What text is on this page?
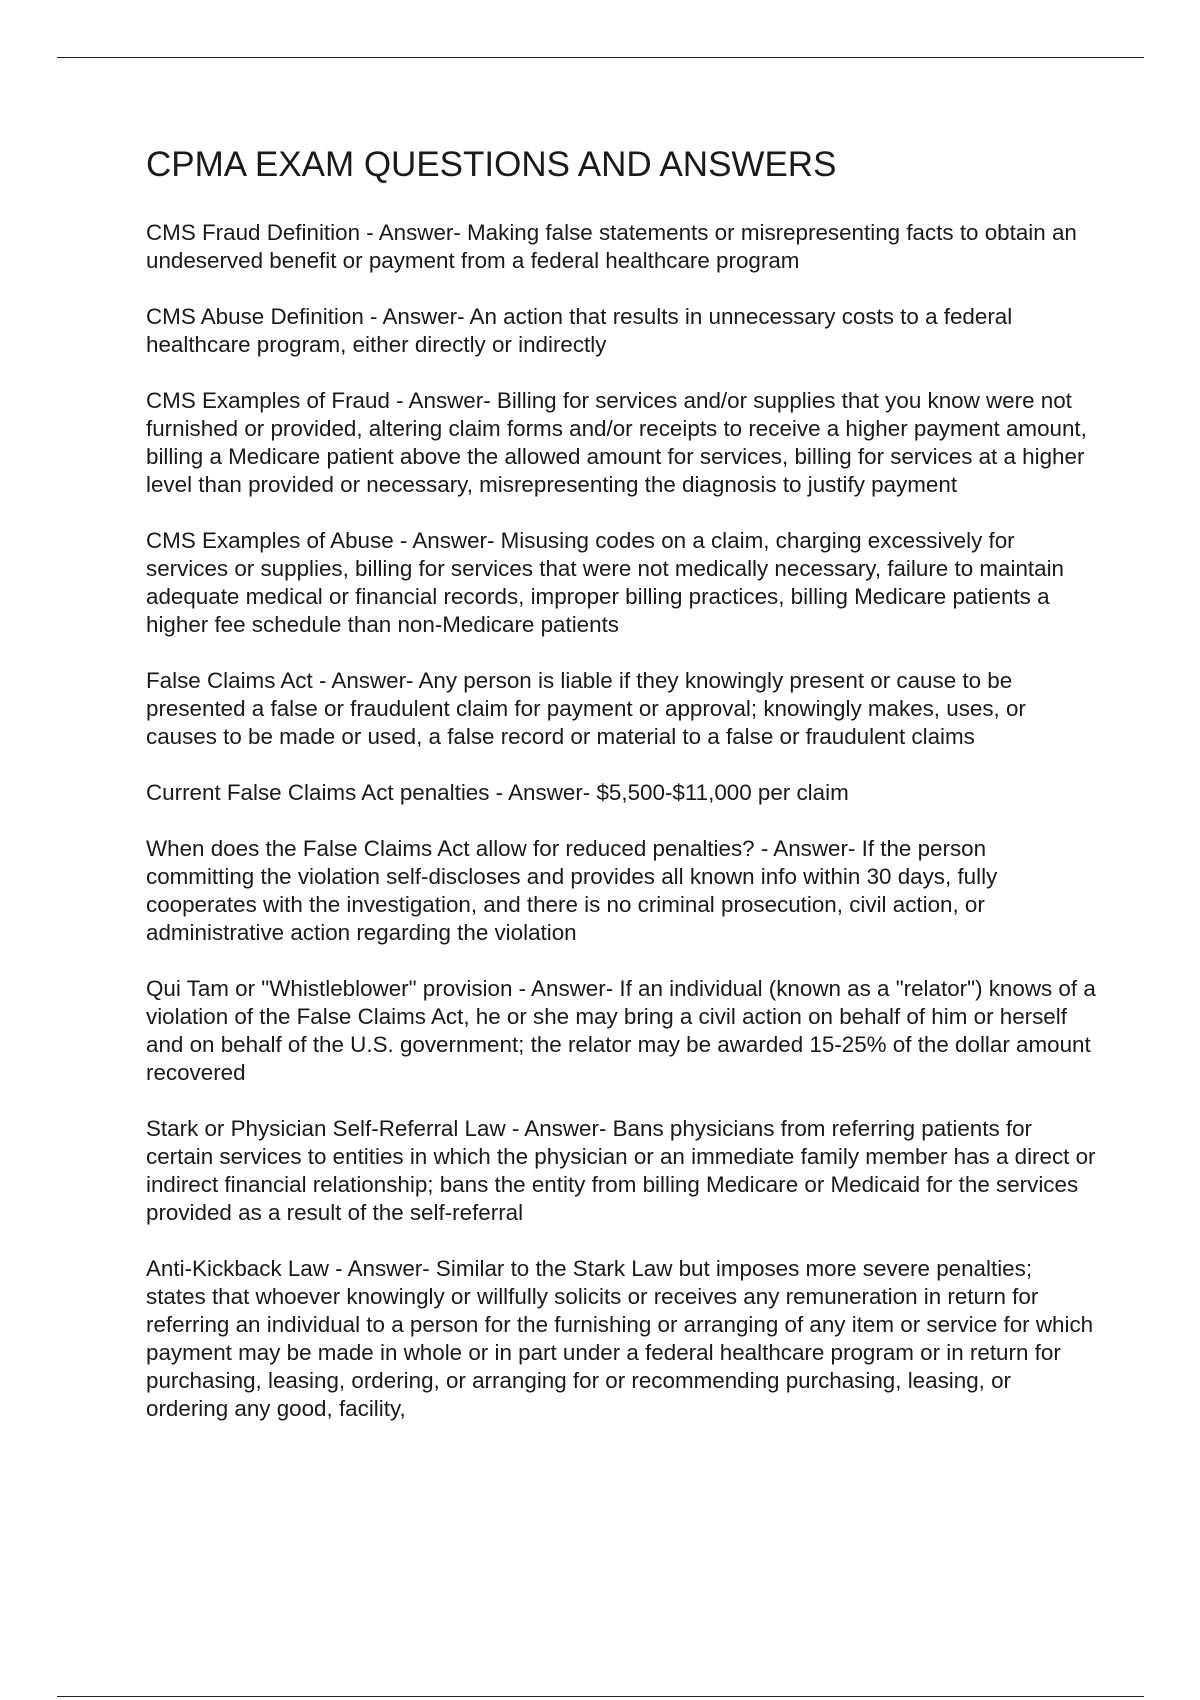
CPMA EXAM QUESTIONS AND ANSWERS

CMS Fraud Definition - Answer- Making false statements or misrepresenting facts to obtain an undeserved benefit or payment from a federal healthcare program

CMS Abuse Definition - Answer- An action that results in unnecessary costs to a federal healthcare program, either directly or indirectly

CMS Examples of Fraud - Answer- Billing for services and/or supplies that you know were not furnished or provided, altering claim forms and/or receipts to receive a higher payment amount, billing a Medicare patient above the allowed amount for services, billing for services at a higher level than provided or necessary, misrepresenting the diagnosis to justify payment

CMS Examples of Abuse - Answer- Misusing codes on a claim, charging excessively for services or supplies, billing for services that were not medically necessary, failure to maintain adequate medical or financial records, improper billing practices, billing Medicare patients a higher fee schedule than non-Medicare patients

False Claims Act - Answer- Any person is liable if they knowingly present or cause to be presented a false or fraudulent claim for payment or approval; knowingly makes, uses, or causes to be made or used, a false record or material to a false or fraudulent claims

Current False Claims Act penalties - Answer- $5,500-$11,000 per claim

When does the False Claims Act allow for reduced penalties? - Answer- If the person committing the violation self-discloses and provides all known info within 30 days, fully cooperates with the investigation, and there is no criminal prosecution, civil action, or administrative action regarding the violation

Qui Tam or "Whistleblower" provision - Answer- If an individual (known as a "relator") knows of a violation of the False Claims Act, he or she may bring a civil action on behalf of him or herself and on behalf of the U.S. government; the relator may be awarded 15-25% of the dollar amount recovered

Stark or Physician Self-Referral Law - Answer- Bans physicians from referring patients for certain services to entities in which the physician or an immediate family member has a direct or indirect financial relationship; bans the entity from billing Medicare or Medicaid for the services provided as a result of the self-referral

Anti-Kickback Law - Answer- Similar to the Stark Law but imposes more severe penalties; states that whoever knowingly or willfully solicits or receives any remuneration in return for referring an individual to a person for the furnishing or arranging of any item or service for which payment may be made in whole or in part under a federal healthcare program or in return for purchasing, leasing, ordering, or arranging for or recommending purchasing, leasing, or ordering any good, facility,
